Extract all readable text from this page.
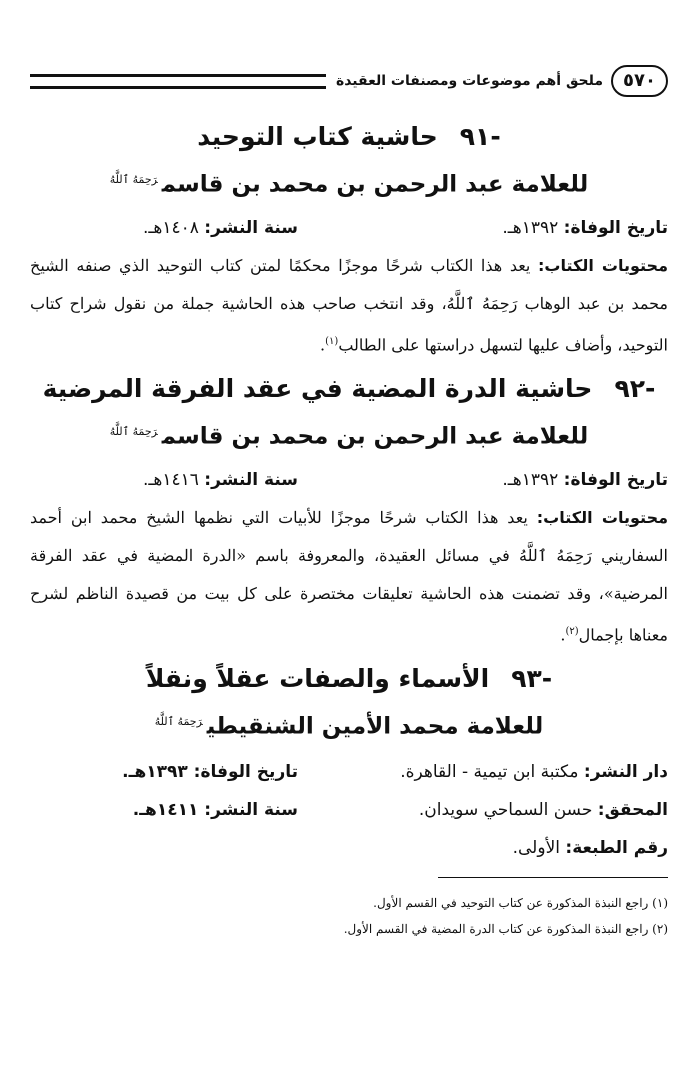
٥٧٠
ملحق أهم موضوعات ومصنفات العقيدة
-٩١حاشية كتاب التوحيد
للعلامة عبد الرحمن بن محمد بن قاسم$^{رَحِمَهُ ٱللَّهُ}$
تاريخ الوفاة: ١٣٩٢هـ.
سنة النشر: ١٤٠٨هـ.
محتويات الكتاب: يعد هذا الكتاب شرحًا موجزًا محكمًا لمتن كتاب التوحيد الذي صنفه الشيخ محمد بن عبد الوهاب رَحِمَهُ ٱللَّهُ، وقد انتخب صاحب هذه الحاشية جملة من نقول شراح كتاب التوحيد، وأضاف عليها لتسهل دراستها على الطالب$^{(١)}$.
-٩٢حاشية الدرة المضية في عقد الفرقة المرضية
للعلامة عبد الرحمن بن محمد بن قاسم$^{رَحِمَهُ ٱللَّهُ}$
تاريخ الوفاة: ١٣٩٢هـ.
سنة النشر: ١٤١٦هـ.
محتويات الكتاب: يعد هذا الكتاب شرحًا موجزًا للأبيات التي نظمها الشيخ محمد ابن أحمد السفاريني رَحِمَهُ ٱللَّهُ في مسائل العقيدة، والمعروفة باسم «الدرة المضية في عقد الفرقة المرضية»، وقد تضمنت هذه الحاشية تعليقات مختصرة على كل بيت من قصيدة الناظم لشرح معناها بإجمال$^{(٢)}$.
-٩٣الأسماء والصفات عقلاً ونقلاً
للعلامة محمد الأمين الشنقيطي$^{رَحِمَهُ ٱللَّهُ}$
دار النشر: مكتبة ابن تيمية - القاهرة.
تاريخ الوفاة: ١٣٩٣هـ.
المحقق: حسن السماحي سويدان.
سنة النشر: ١٤١١هـ.
رقم الطبعة: الأولى.
(١) راجع النبذة المذكورة عن كتاب التوحيد في القسم الأول.
(٢) راجع النبذة المذكورة عن كتاب الدرة المضية في القسم الأول.
